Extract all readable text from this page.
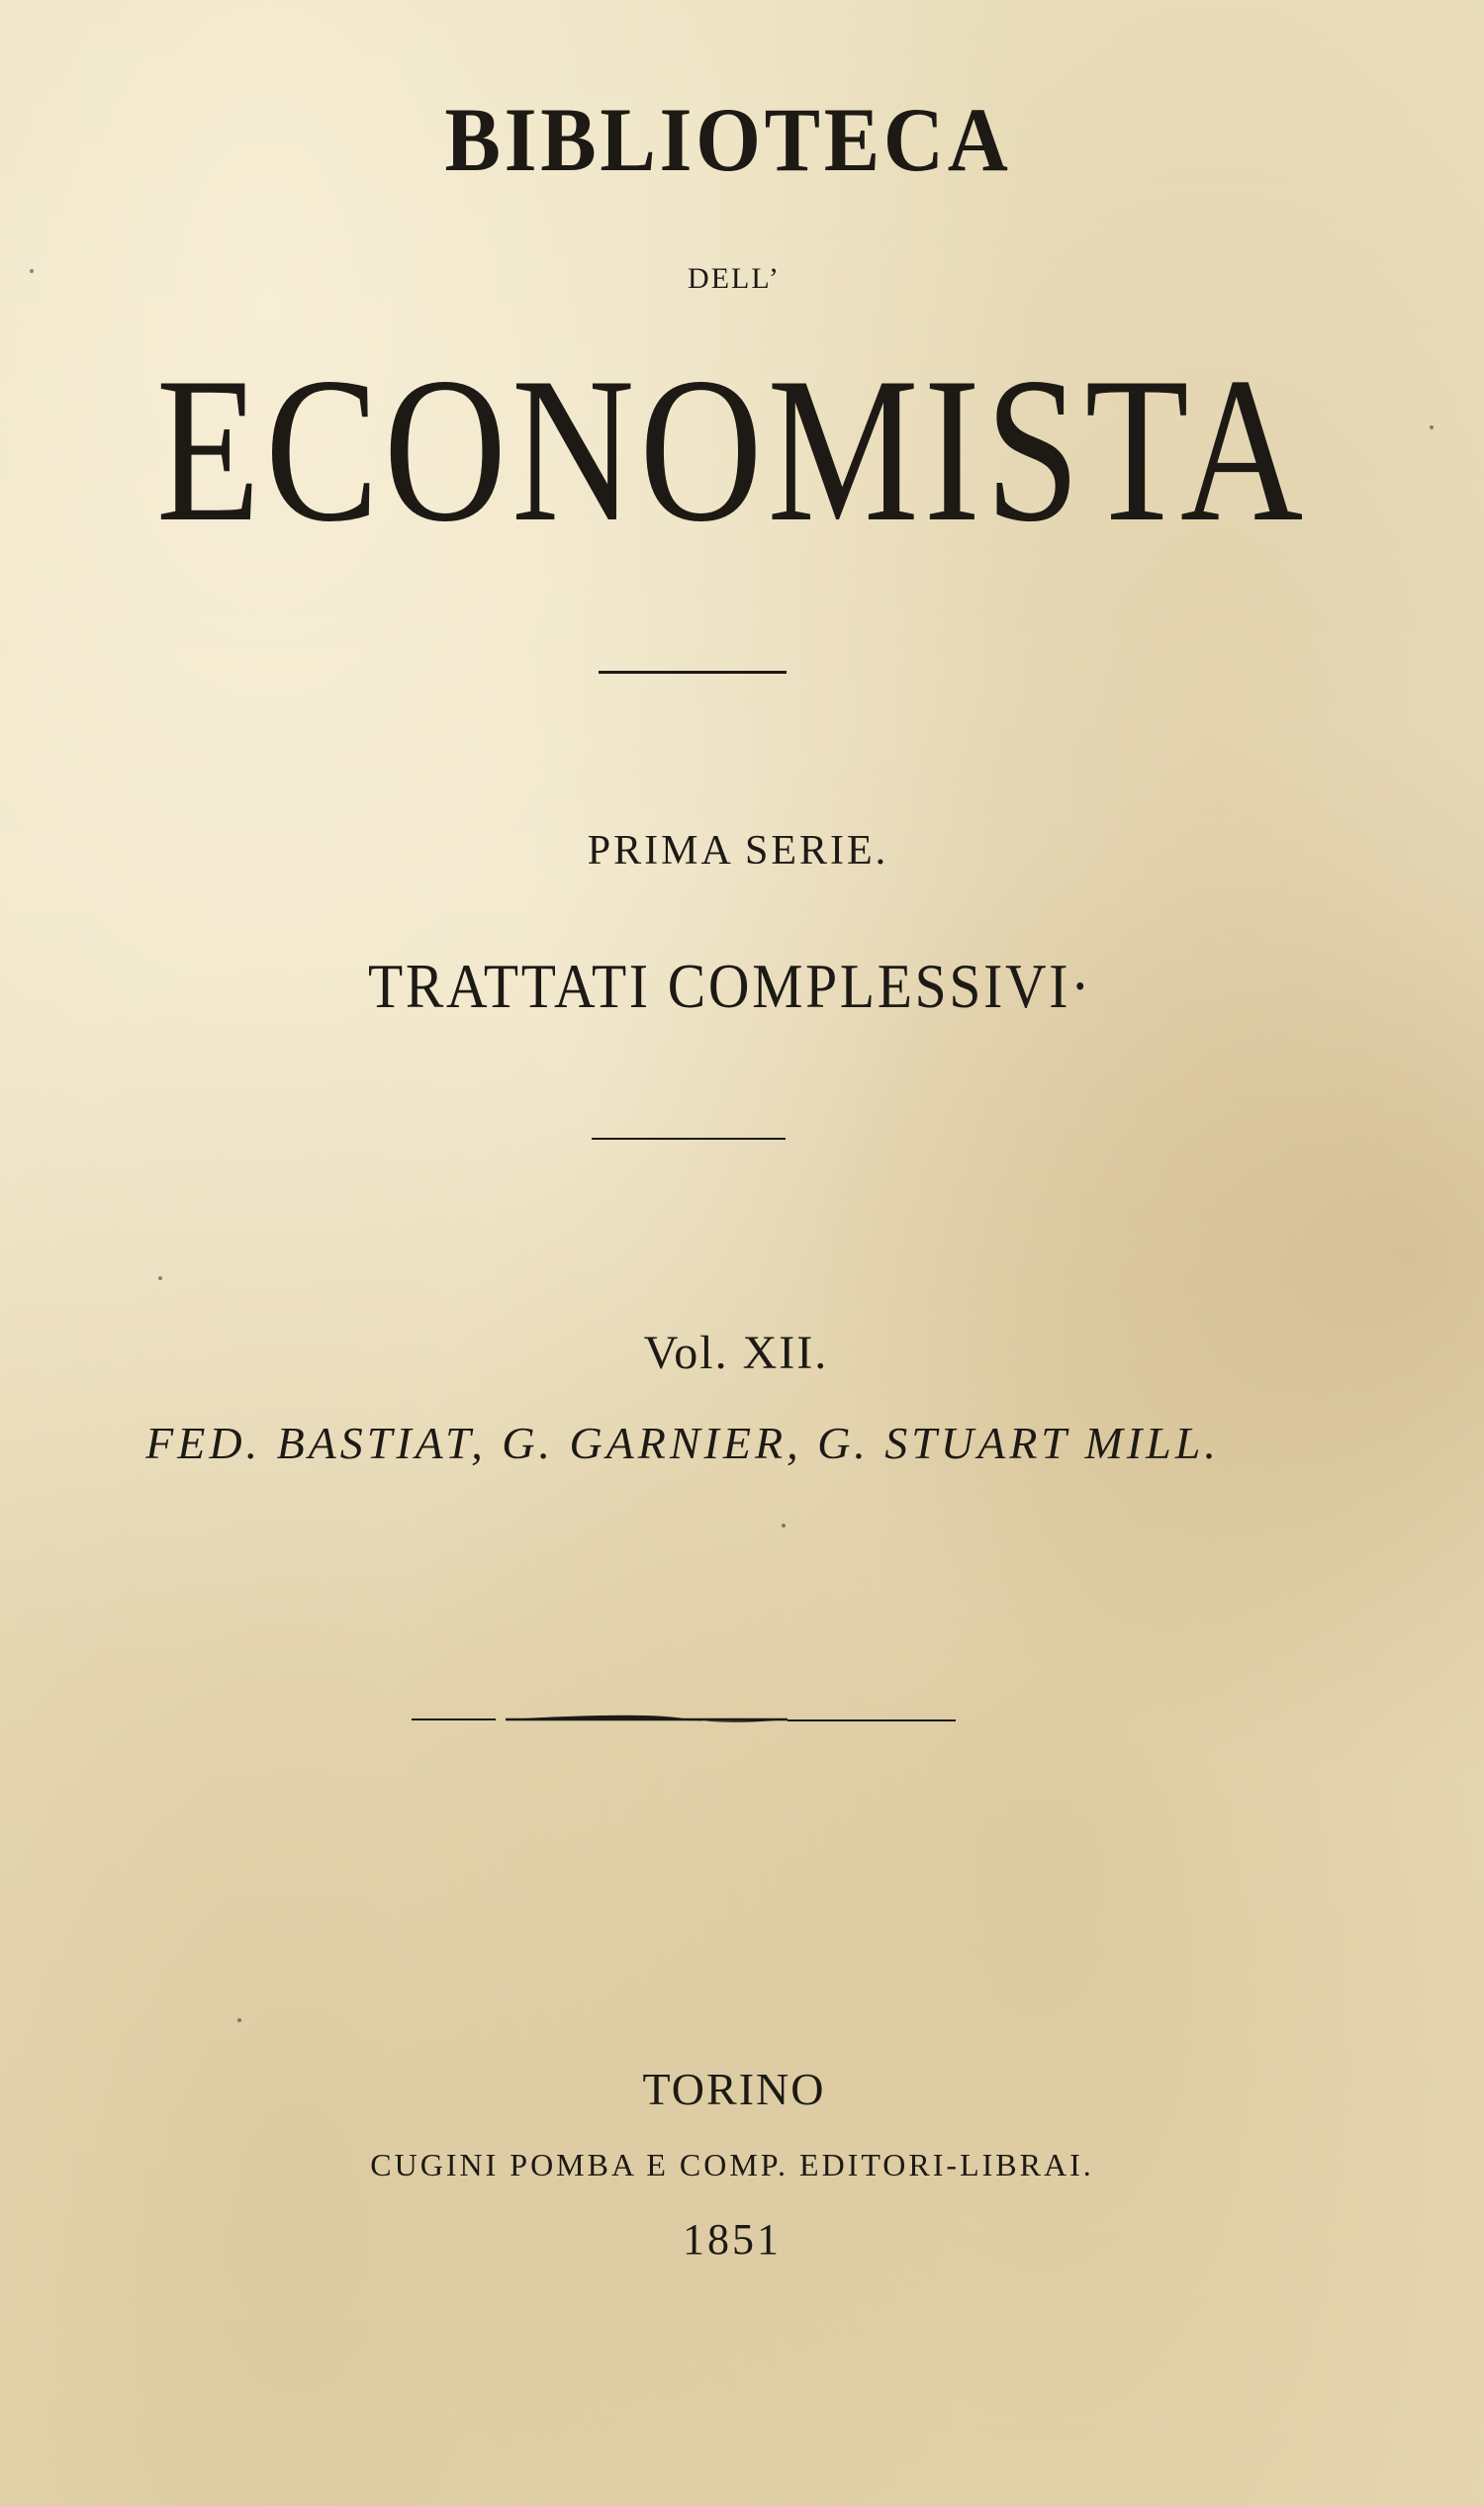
BIBLIOTECA
DELL’
ECONOMISTA
PRIMA SERIE.
TRATTATI COMPLESSIVI·
Vol. XII.
FED. BASTIAT, G. GARNIER, G. STUART MILL.
TORINO
CUGINI POMBA E COMP. EDITORI-LIBRAI.
1851
